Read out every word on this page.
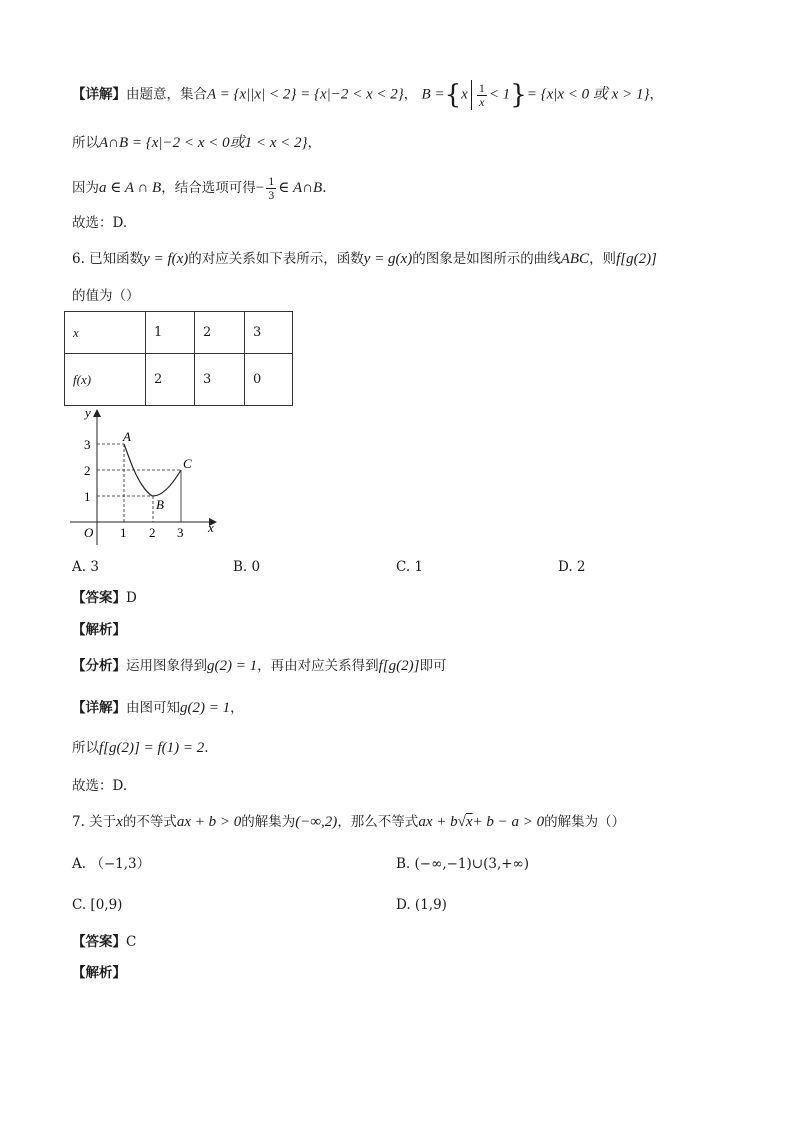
【详解】由题意，集合A = {x||x| < 2} = {x|−2 < x < 2}， $B =\{x \frac{1}{x} < 1\}= \{x|x < 0$ 或 x > 1}，
所以A∩B = {x|−2 < x < 0或1 < x < 2}，
因为a ∈ A ∩ B，结合选项可得− $\frac{1}{3}$ ∈ A∩B.
故选：D.
6. 已知函数y = f(x)的对应关系如下表所示，函数y = g(x)的图象是如图所示的曲线ABC，则f[g(2)]
的值为（）
x	1	2	3
f(x)	2	3	0
y
x
O
3
2
1
1 2 3
A
B
C
A. 3	B. 0	C. 1	D. 2
【答案】D
【解析】
【分析】运用图象得到g(2) = 1，再由对应关系得到f[g(2)]即可
【详解】由图可知g(2) = 1，
所以f[g(2)] = f(1) = 2.
故选：D.
7. 关于x的不等式ax + b > 0的解集为(−∞,2)，那么不等式ax + b√x+ b − a > 0的解集为（）
A. （−1,3）	B. (−∞,−1)∪(3,+∞)
C. [0,9)	D. (1,9)
【答案】C
【解析】
